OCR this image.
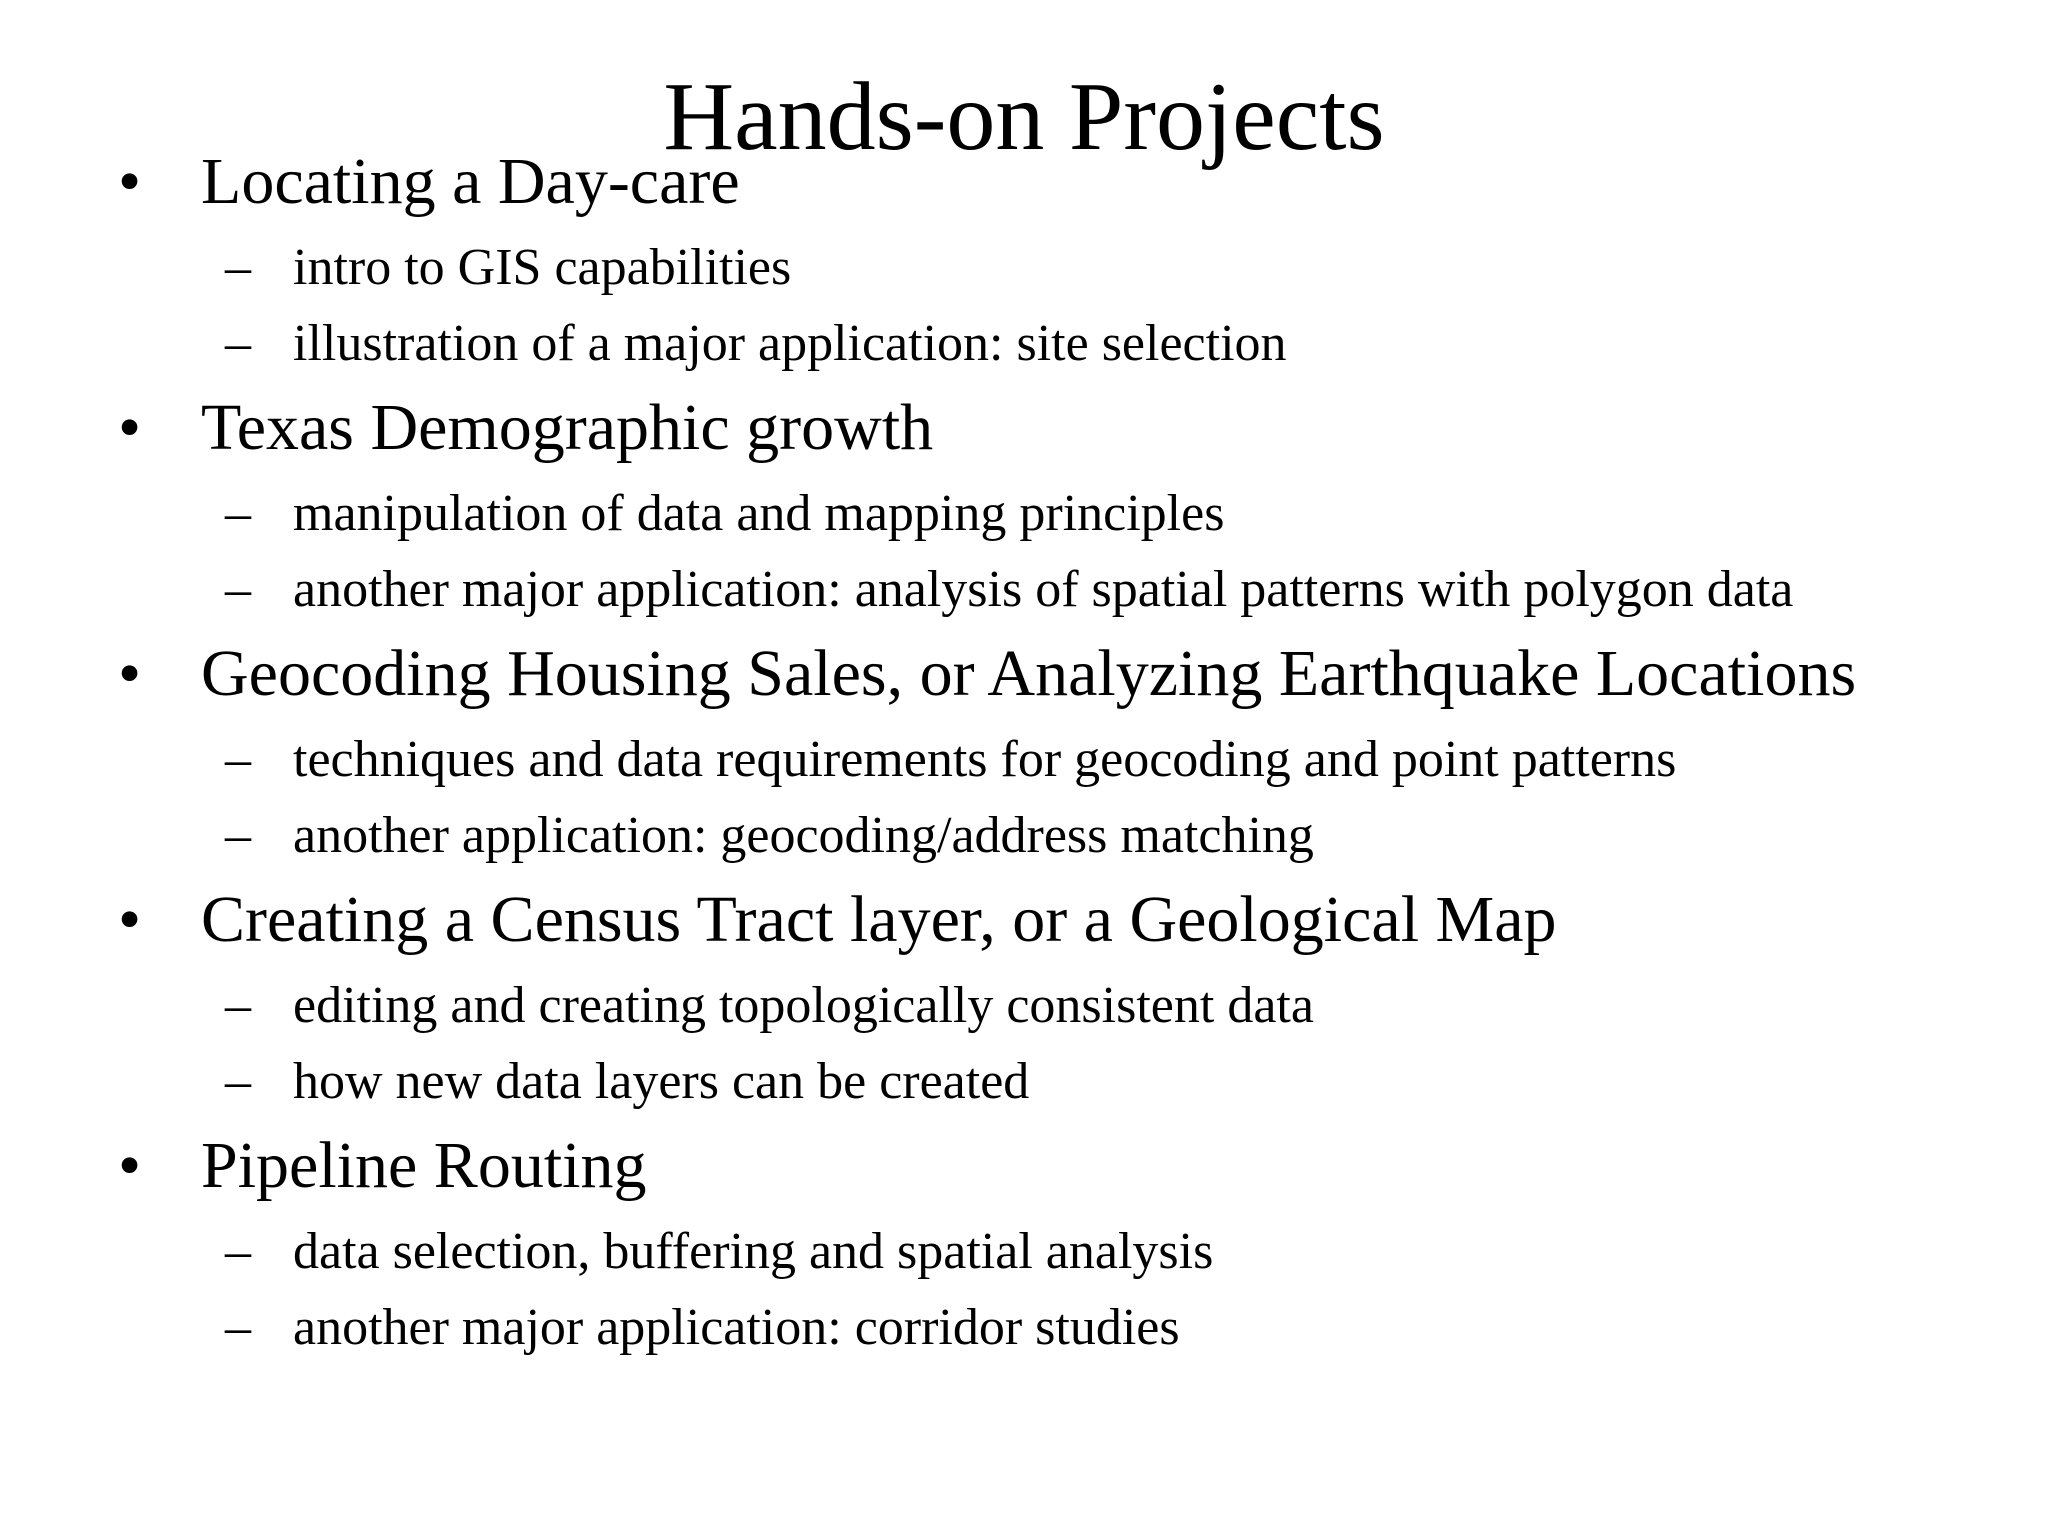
Hands-on Projects
• Locating a Day-care
– intro to GIS capabilities
– illustration of a major application: site selection
• Texas Demographic growth
– manipulation of data and mapping principles
– another major application: analysis of spatial patterns with polygon data
• Geocoding Housing Sales, or Analyzing Earthquake Locations
– techniques and data requirements for geocoding and point patterns
– another application: geocoding/address matching
• Creating a Census Tract layer, or a Geological Map
– editing and creating topologically consistent data
– how new data layers can be created
• Pipeline Routing
– data selection, buffering and spatial analysis
– another major application: corridor studies
